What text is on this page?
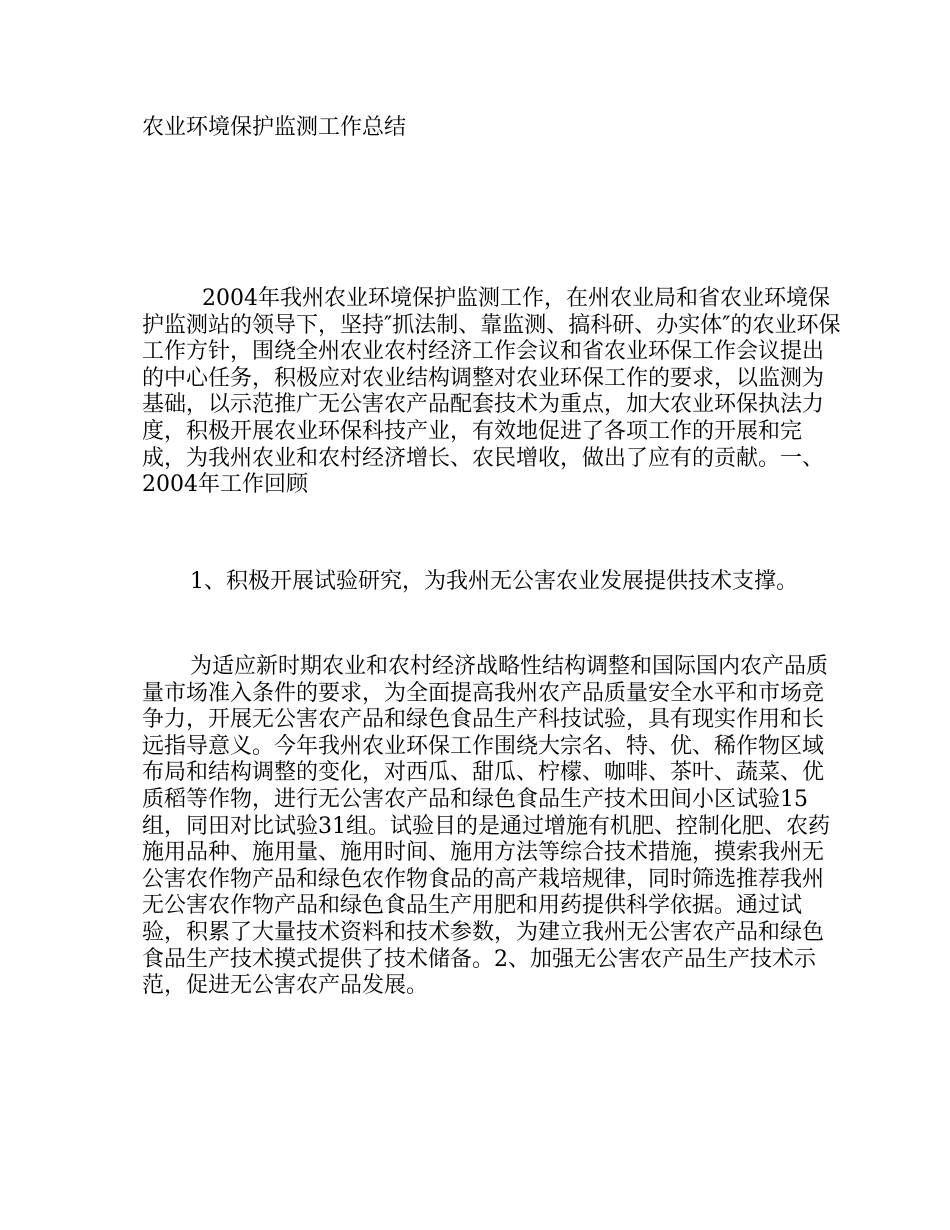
农业环境保护监测工作总结

2004年我州农业环境保护监测工作，在州农业局和省农业环境保护监测站的领导下，坚持″抓法制、靠监测、搞科研、办实体″的农业环保工作方针，围绕全州农业农村经济工作会议和省农业环保工作会议提出的中心任务，积极应对农业结构调整对农业环保工作的要求，以监测为基础，以示范推广无公害农产品配套技术为重点，加大农业环保执法力度，积极开展农业环保科技产业，有效地促进了各项工作的开展和完成，为我州农业和农村经济增长、农民增收，做出了应有的贡献。一、2004年工作回顾

1、积极开展试验研究，为我州无公害农业发展提供技术支撑。

为适应新时期农业和农村经济战略性结构调整和国际国内农产品质量市场准入条件的要求，为全面提高我州农产品质量安全水平和市场竞争力，开展无公害农产品和绿色食品生产科技试验，具有现实作用和长远指导意义。今年我州农业环保工作围绕大宗名、特、优、稀作物区域布局和结构调整的变化，对西瓜、甜瓜、柠檬、咖啡、茶叶、蔬菜、优质稻等作物，进行无公害农产品和绿色食品生产技术田间小区试验15组，同田对比试验31组。试验目的是通过增施有机肥、控制化肥、农药施用品种、施用量、施用时间、施用方法等综合技术措施，摸索我州无公害农作物产品和绿色农作物食品的高产栽培规律，同时筛选推荐我州无公害农作物产品和绿色食品生产用肥和用药提供科学依据。通过试验，积累了大量技术资料和技术参数，为建立我州无公害农产品和绿色食品生产技术摸式提供了技术储备。2、加强无公害农产品生产技术示范，促进无公害农产品发展。
